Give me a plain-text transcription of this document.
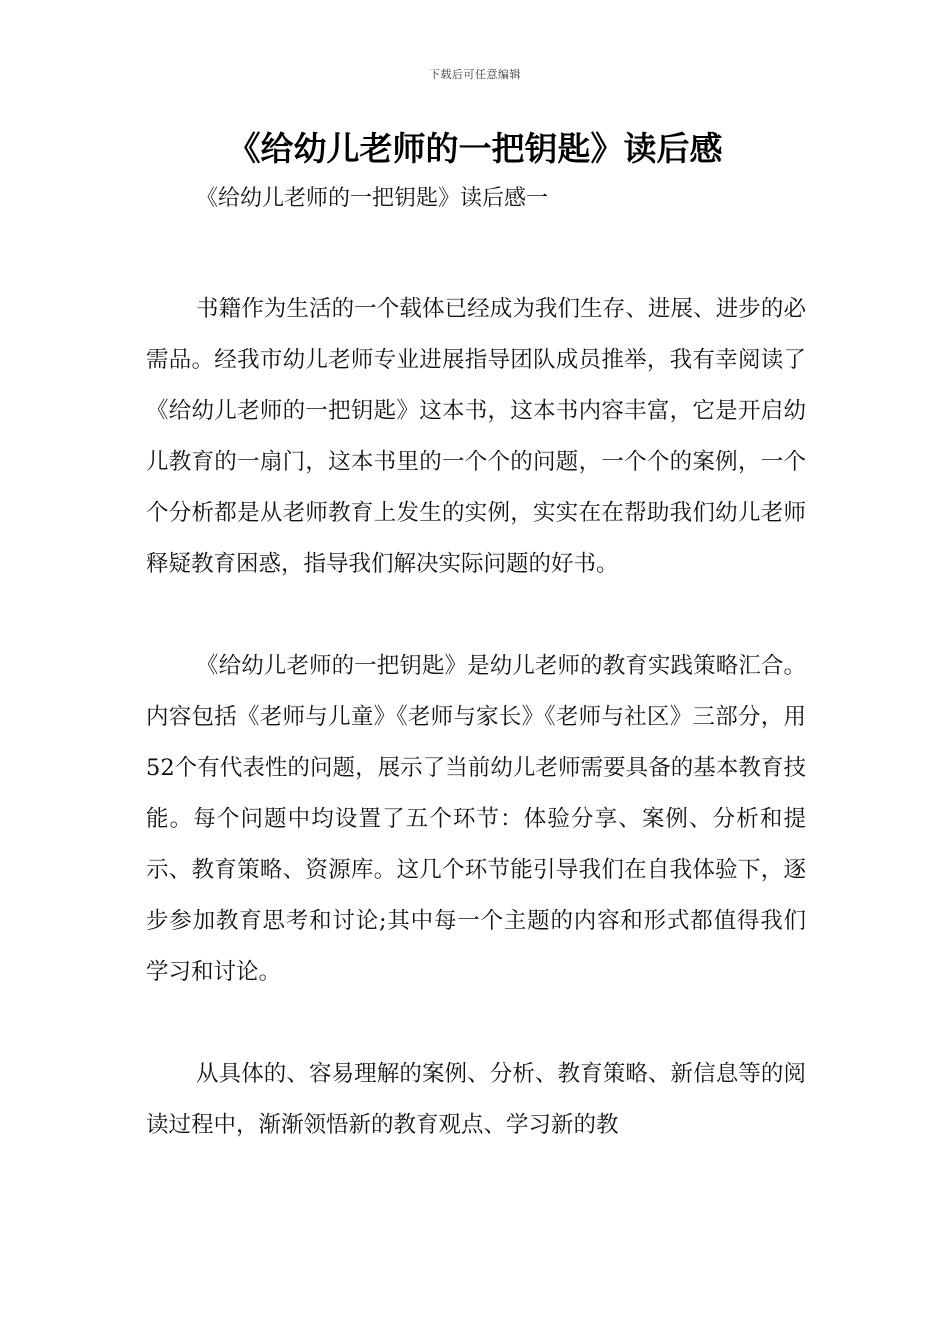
下载后可任意编辑
《给幼儿老师的一把钥匙》读后感
《给幼儿老师的一把钥匙》读后感一

书籍作为生活的一个载体已经成为我们生存、进展、进步的必需品。经我市幼儿老师专业进展指导团队成员推举，我有幸阅读了《给幼儿老师的一把钥匙》这本书，这本书内容丰富，它是开启幼儿教育的一扇门，这本书里的一个个的问题，一个个的案例，一个个分析都是从老师教育上发生的实例，实实在在帮助我们幼儿老师释疑教育困惑，指导我们解决实际问题的好书。

《给幼儿老师的一把钥匙》是幼儿老师的教育实践策略汇合。内容包括《老师与儿童》《老师与家长》《老师与社区》三部分，用52个有代表性的问题，展示了当前幼儿老师需要具备的基本教育技能。每个问题中均设置了五个环节：体验分享、案例、分析和提示、教育策略、资源库。这几个环节能引导我们在自我体验下，逐步参加教育思考和讨论;其中每一个主题的内容和形式都值得我们学习和讨论。

从具体的、容易理解的案例、分析、教育策略、新信息等的阅读过程中，渐渐领悟新的教育观点、学习新的教
